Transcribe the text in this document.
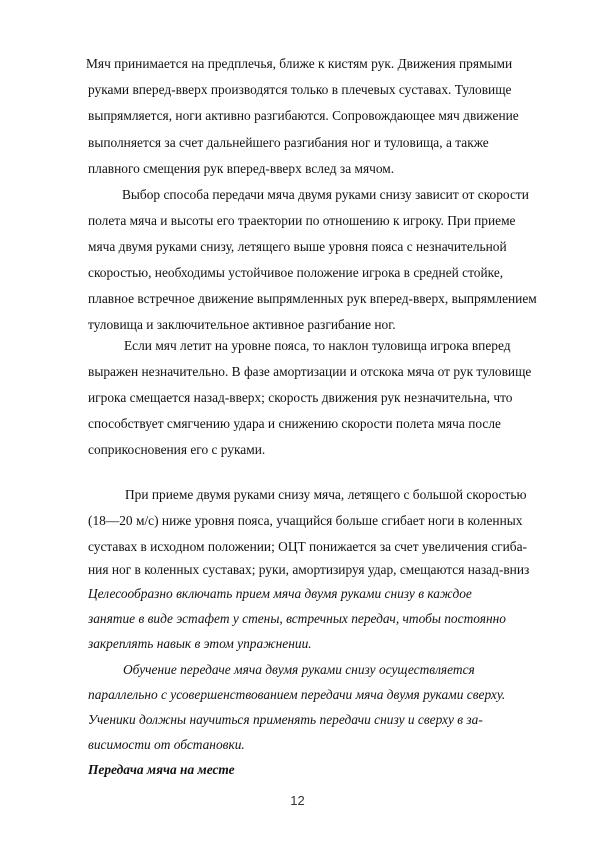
Мяч принимается на предплечья, ближе к кистям рук. Движения прямыми
руками вперед-вверх производятся только в плечевых суставах. Туловище
выпрямляется, ноги активно разгибаются. Сопровождающее мяч движение
выполняется за счет дальнейшего разгибания ног и туловища, а также
плавного смещения рук вперед-вверх вслед за мячом.
Выбор способа передачи мяча двумя руками снизу зависит от скорости
полета мяча и высоты его траектории по отношению к игроку. При приеме
мяча двумя руками снизу, летящего выше уровня пояса с незначительной
скоростью, необходимы устойчивое положение игрока в средней стойке,
плавное встречное движение выпрямленных рук вперед-вверх, выпрямлением
туловища и заключительное активное разгибание ног.
Если мяч летит на уровне пояса, то наклон туловища игрока вперед
выражен незначительно. В фазе амортизации и отскока мяча от рук туловище
игрока смещается назад-вверх; скорость движения рук незначительна, что
способствует смягчению удара и снижению скорости полета мяча после
соприкосновения его с руками.
При приеме двумя руками снизу мяча, летящего с большой скоростью
(18—20 м/с) ниже уровня пояса, учащийся больше сгибает ноги в коленных
суставах в исходном положении; ОЦТ понижается за счет увеличения сгиба-
ния ног в коленных суставах; руки, амортизируя удар, смещаются назад-вниз
Целесообразно включать прием мяча двумя руками снизу в каждое
занятие в виде эстафет у стены, встречных передач, чтобы постоянно
закреплять навык в этом упражнении.
Обучение передаче мяча двумя руками снизу осуществляется
параллельно с усовершенствованием передачи мяча двумя руками сверху.
Ученики должны научиться применять передачи снизу и сверху в за-
висимости от обстановки.
Передача мяча на месте
12
